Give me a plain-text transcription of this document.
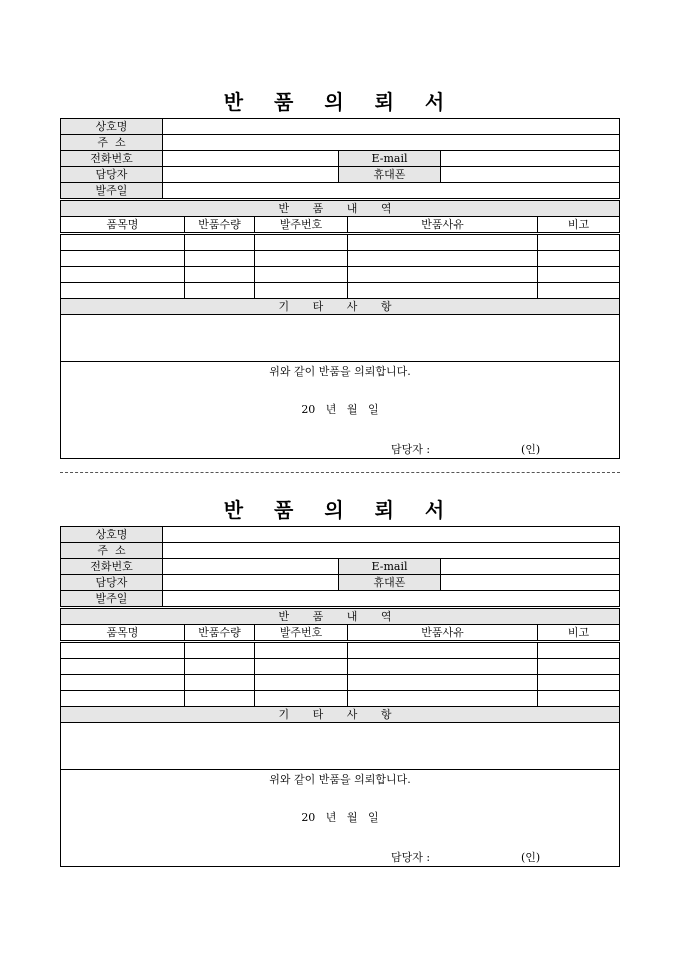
반 품 의 뢰 서
상호명			
주  소			
전화번호		E-mail	
담당자		휴대폰	
발주일			
반 품 내 역				
품목명	반품수량	발주번호	반품사유	비고

기 타 사 항				

위와 같이 반품을 의뢰합니다.
20   년   월   일
담당자 : (인)				
반 품 의 뢰 서
상호명			
주  소			
전화번호		E-mail	
담당자		휴대폰	
발주일			
반 품 내 역				
품목명	반품수량	발주번호	반품사유	비고

기 타 사 항				

위와 같이 반품을 의뢰합니다.
20   년   월   일
담당자 : (인)				
